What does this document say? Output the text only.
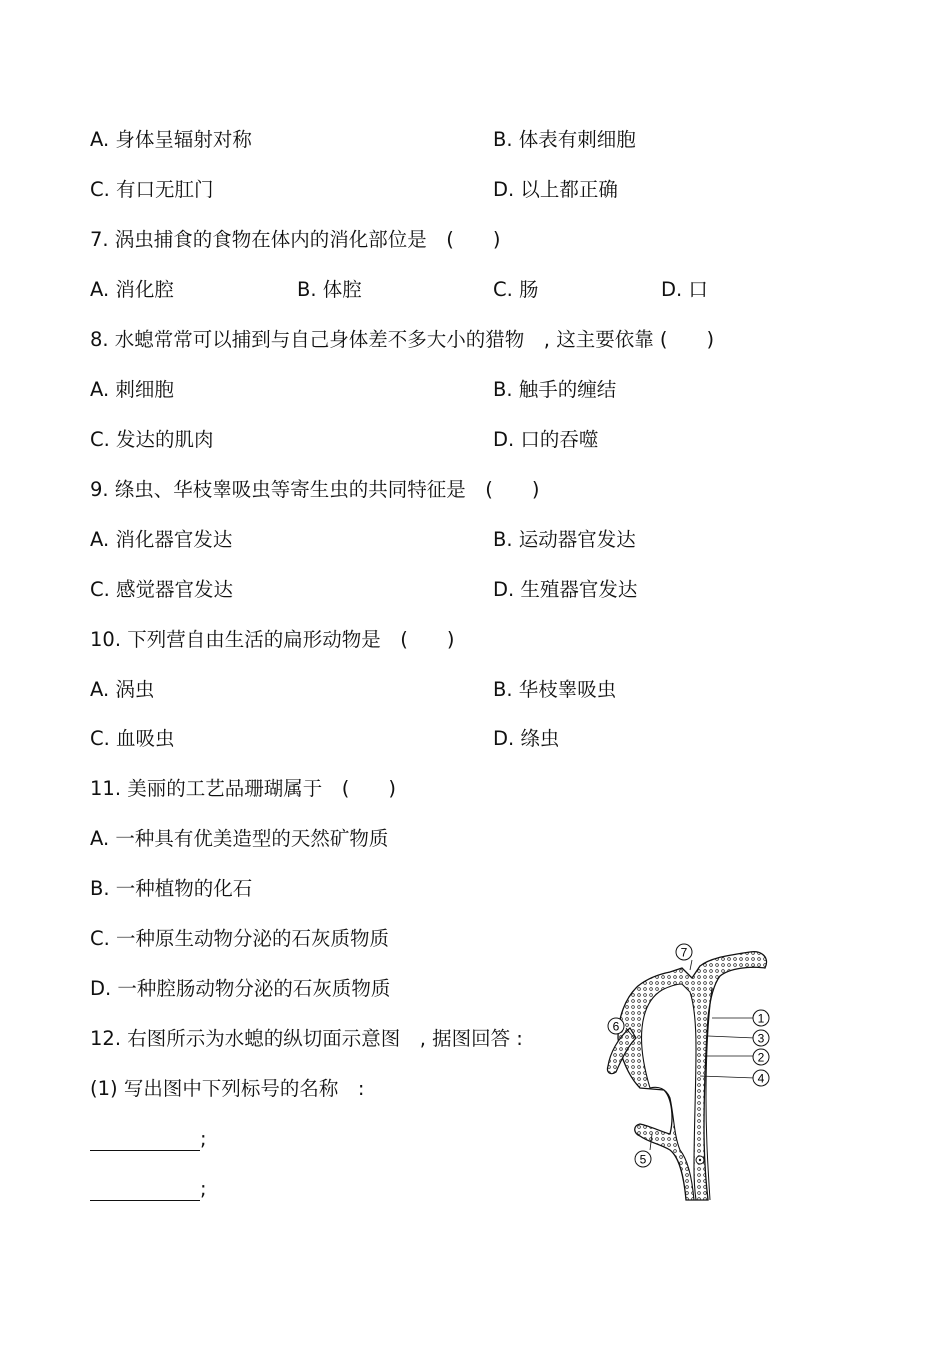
A. 身体呈辐射对称	B. 体表有刺细胞
C. 有口无肛门	D. 以上都正确
7. 涡虫捕食的食物在体内的消化部位是　(　　)
A. 消化腔	B. 体腔	C. 肠	D. 口
8. 水螅常常可以捕到与自己身体差不多大小的猎物　, 这主要依靠 (　　)
A. 刺细胞	B. 触手的缠结
C. 发达的肌肉	D. 口的吞噬
9. 绦虫、华枝睾吸虫等寄生虫的共同特征是　(　　)
A. 消化器官发达	B. 运动器官发达
C. 感觉器官发达	D. 生殖器官发达
10. 下列营自由生活的扁形动物是　(　　)
A. 涡虫	B. 华枝睾吸虫
C. 血吸虫	D. 绦虫
11. 美丽的工艺品珊瑚属于　(　　)
A. 一种具有优美造型的天然矿物质
B. 一种植物的化石
C. 一种原生动物分泌的石灰质物质
D. 一种腔肠动物分泌的石灰质物质
12. 右图所示为水螅的纵切面示意图　, 据图回答 :
(1) 写出图中下列标号的名称　:
;
;
1
3
2
4
5
6
7
